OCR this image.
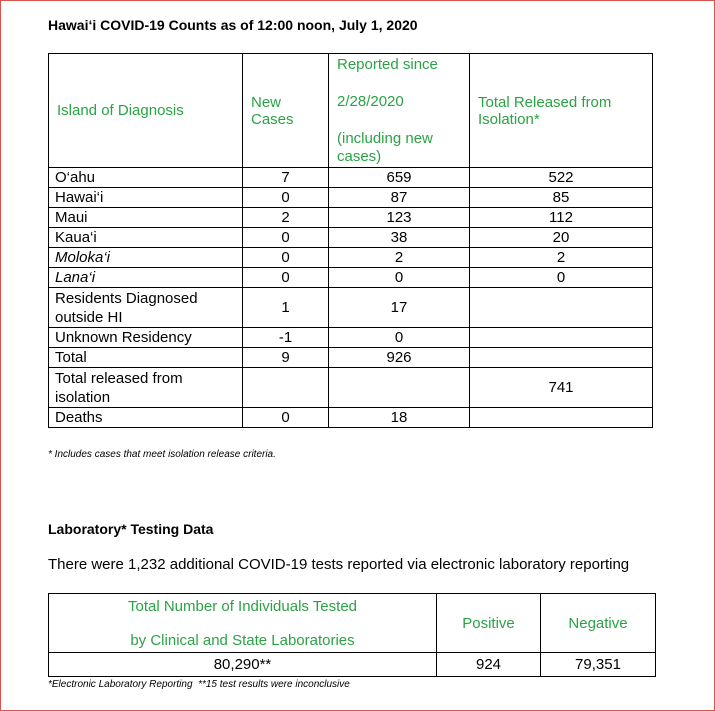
Hawai‘i COVID-19 Counts as of 12:00 noon, July 1, 2020
Island of Diagnosis	New Cases	Reported since
2/28/2020
(including new cases)	Total Released from Isolation*
O‘ahu	7	659	522
Hawai‘i	0	87	85
Maui	2	123	112
Kaua‘i	0	38	20
Moloka‘i	0	2	2
Lana‘i	0	0	0
Residents Diagnosed outside HI	1	17	
Unknown Residency	-1	0	
Total	9	926	
Total released from isolation			741
Deaths	0	18	
* Includes cases that meet isolation release criteria.
Laboratory* Testing Data
There were 1,232 additional COVID-19 tests reported via electronic laboratory reporting
Total Number of Individuals Tested
by Clinical and State Laboratories	Positive	Negative
80,290**	924	79,351
*Electronic Laboratory Reporting  **15 test results were inconclusive
